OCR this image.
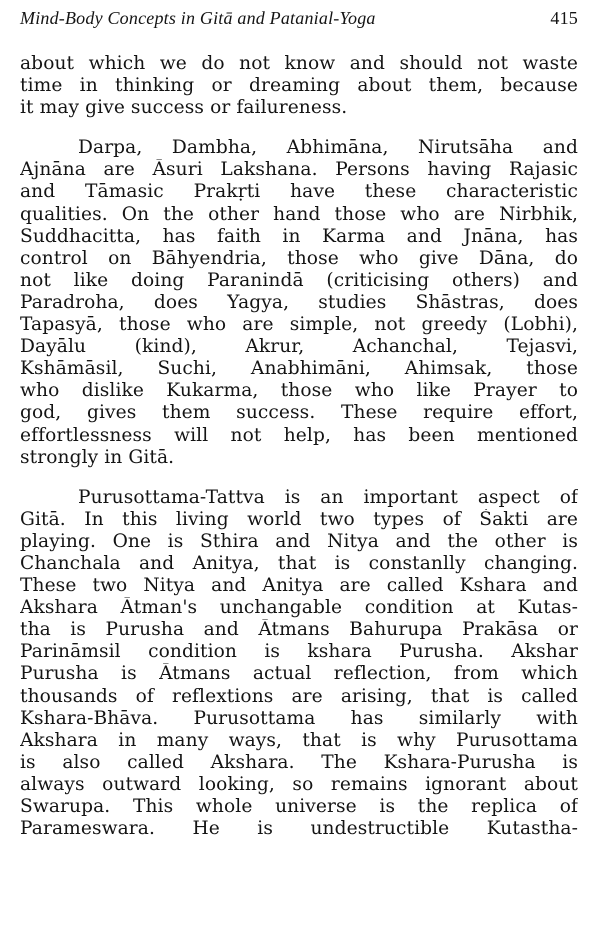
Mind-Body Concepts in Gitā and Patanial-Yoga	415
about which we do not know and should not waste
time in thinking or dreaming about them, because
it may give success or failureness.
Darpa, Dambha, Abhimāna, Nirutsāha and
Ajnāna are Āsuri Lakshana. Persons having Rajasic
and Tāmasic Prakṛti have these characteristic
qualities. On the other hand those who are Nirbhik,
Suddhacitta, has faith in Karma and Jnāna, has
control on Bāhyendria, those who give Dāna, do
not like doing Paranindā (criticising others) and
Paradroha, does Yagya, studies Shāstras, does
Tapasyā, those who are simple, not greedy (Lobhi),
Dayālu (kind), Akrur, Achanchal, Tejasvi,
Kshāmāsil, Suchi, Anabhimāni, Ahimsak, those
who dislike Kukarma, those who like Prayer to
god, gives them success. These require effort,
effortlessness will not help, has been mentioned
strongly in Gitā.
Purusottama-Tattva is an important aspect of
Gitā. In this living world two types of Śakti are
playing. One is Sthira and Nitya and the other is
Chanchala and Anitya, that is constanlly changing.
These two Nitya and Anitya are called Kshara and
Akshara Ātman's unchangable condition at Kutas-
tha is Purusha and Ātmans Bahurupa Prakāsa or
Parināmsil condition is kshara Purusha. Akshar
Purusha is Ātmans actual reflection, from which
thousands of reflextions are arising, that is called
Kshara-Bhāva. Purusottama has similarly with
Akshara in many ways, that is why Purusottama
is also called Akshara. The Kshara-Purusha is
always outward looking, so remains ignorant about
Swarupa. This whole universe is the replica of
Parameswara. He is undestructible Kutastha-
